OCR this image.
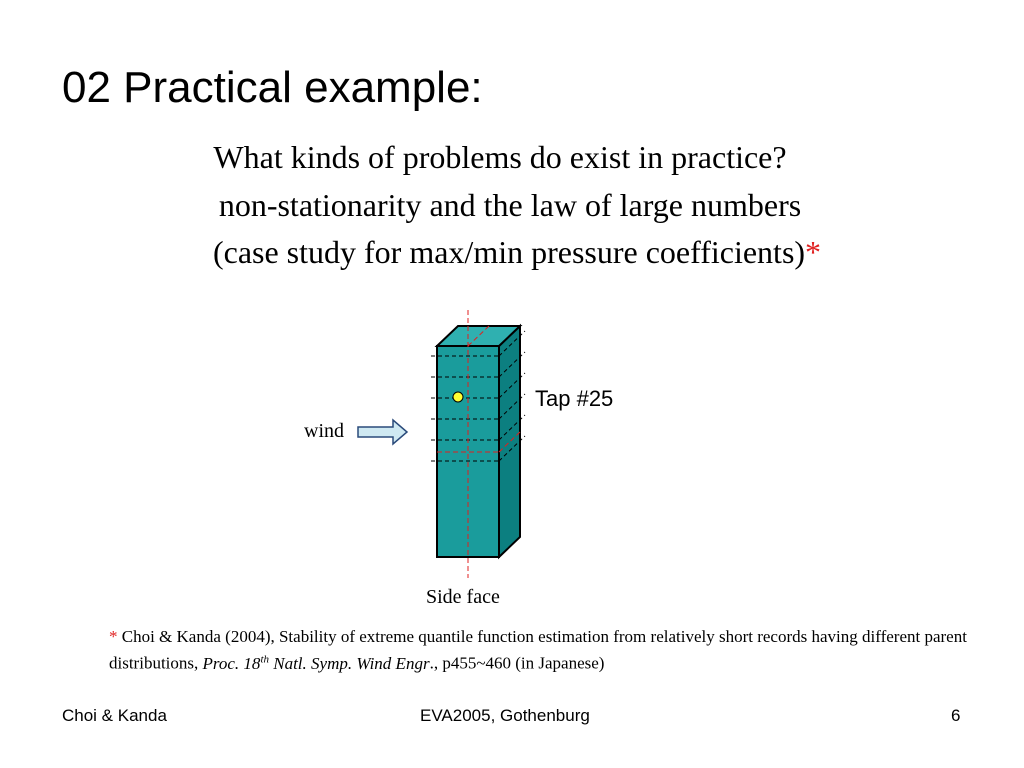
02 Practical example:
What kinds of problems do exist in practice?
non-stationarity and the law of large numbers
(case study for max/min pressure coefficients)*
Tap #25
wind
Side face
* Choi & Kanda (2004), Stability of extreme quantile function estimation from relatively short records having different parent distributions, Proc. 18th Natl. Symp. Wind Engr., p455~460 (in Japanese)
Choi & Kanda	EVA2005, Gothenburg	6
